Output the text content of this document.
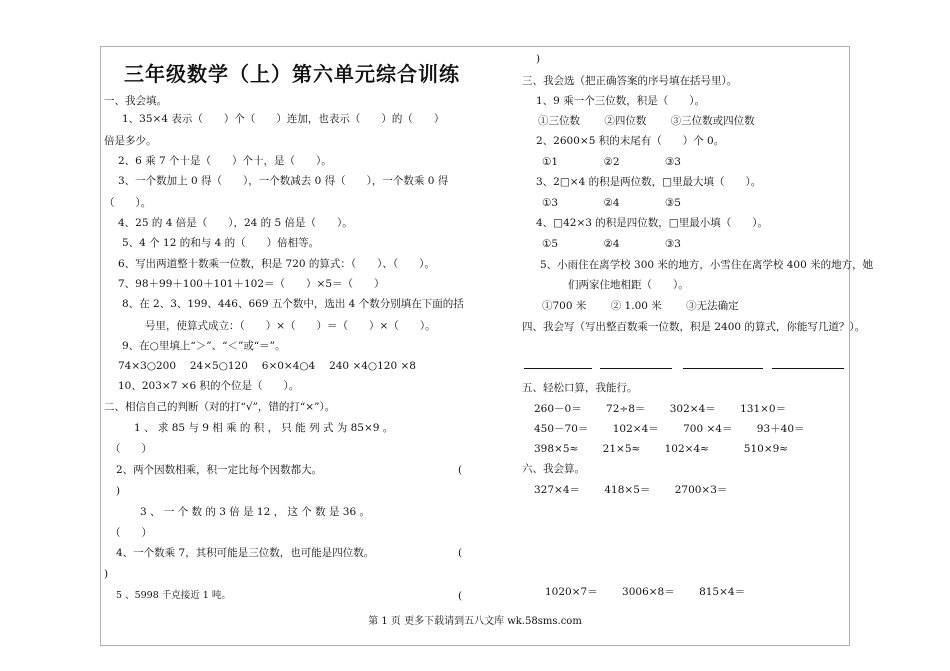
三年级数学（上）第六单元综合训练
一、我会填。
1、35×4 表示（　　）个（　　）连加，也表示（　　）的（　　）
倍是多少。
2、6 乘 7 个十是（　　）个十，是（　　）。
3、一个数加上 0 得（　　），一个数减去 0 得（　　），一个数乘 0 得
（　　）。
4、25 的 4 倍是（　　），24 的 5 倍是（　　）。
5、4 个 12 的和与 4 的（　　）倍相等。
6、写出两道整十数乘一位数，积是 720 的算式：（　　）、（　　）。
7、98＋99＋100＋101＋102＝（　　）×5＝（　　）
8、在 2、3、199、446、669 五个数中，选出 4 个数分别填在下面的括
号里，使算式成立：（　　）×（　　）＝（　　）×（　　）。
9、在○里填上“＞”、“＜”或“＝”。
74×3○200　 24×5○120　 6×0×4○4　 240 ×4○120 ×8
10、203×7 ×6 积的个位是（　　）。
二、相信自己的判断（对的打“√”，错的打“×”）。
1 、 求 85 与 9 相 乘 的 积 ， 只 能 列 式 为 85×9 。
（　　）
2、两个因数相乘，积一定比每个因数都大。	(
)
3 、 一 个 数 的 3 倍 是 12 ， 这 个 数 是 36 。
（　　）
4、一个数乘 7，其积可能是三位数，也可能是四位数。	(
)
5 、5998 千克接近 1 吨。	(
)
三、我会选（把正确答案的序号填在括号里）。
1、9 乘一个三位数，积是（　　）。
①三位数　　 ②四位数　　 ③三位数或四位数
2、2600×5 积的末尾有（　　）个 0。
①1　　　　 ②2　　　　 ③3
3、2□×4 的积是两位数，□里最大填（　　）。
①3　　　　 ②4　　　　 ③5
4、□42×3 的积是四位数，□里最小填（　　）。
①5　　　　 ②4　　　　 ③3
5、小雨住在离学校 300 米的地方，小雪住在离学校 400 米的地方，她
们两家住地相距（　　）。
①700 米　　 ② 1.00 米　　 ③无法确定
四、我会写（写出整百数乘一位数，积是 2400 的算式，你能写几道？）。
五、轻松口算，我能行。
260－0＝　　 72÷8＝　　 302×4＝　　 131×0＝
450－70＝　　 102×4＝　　 700 ×4＝　　 93＋40＝
398×5≈　　 21×5≈　　 102×4≈　　　 510×9≈
六、我会算。
327×4＝　　 418×5＝　　 2700×3＝
1020×7＝　　 3006×8＝　　 815×4＝
第 1 页 更多下载请到五八文库 wk.58sms.com
